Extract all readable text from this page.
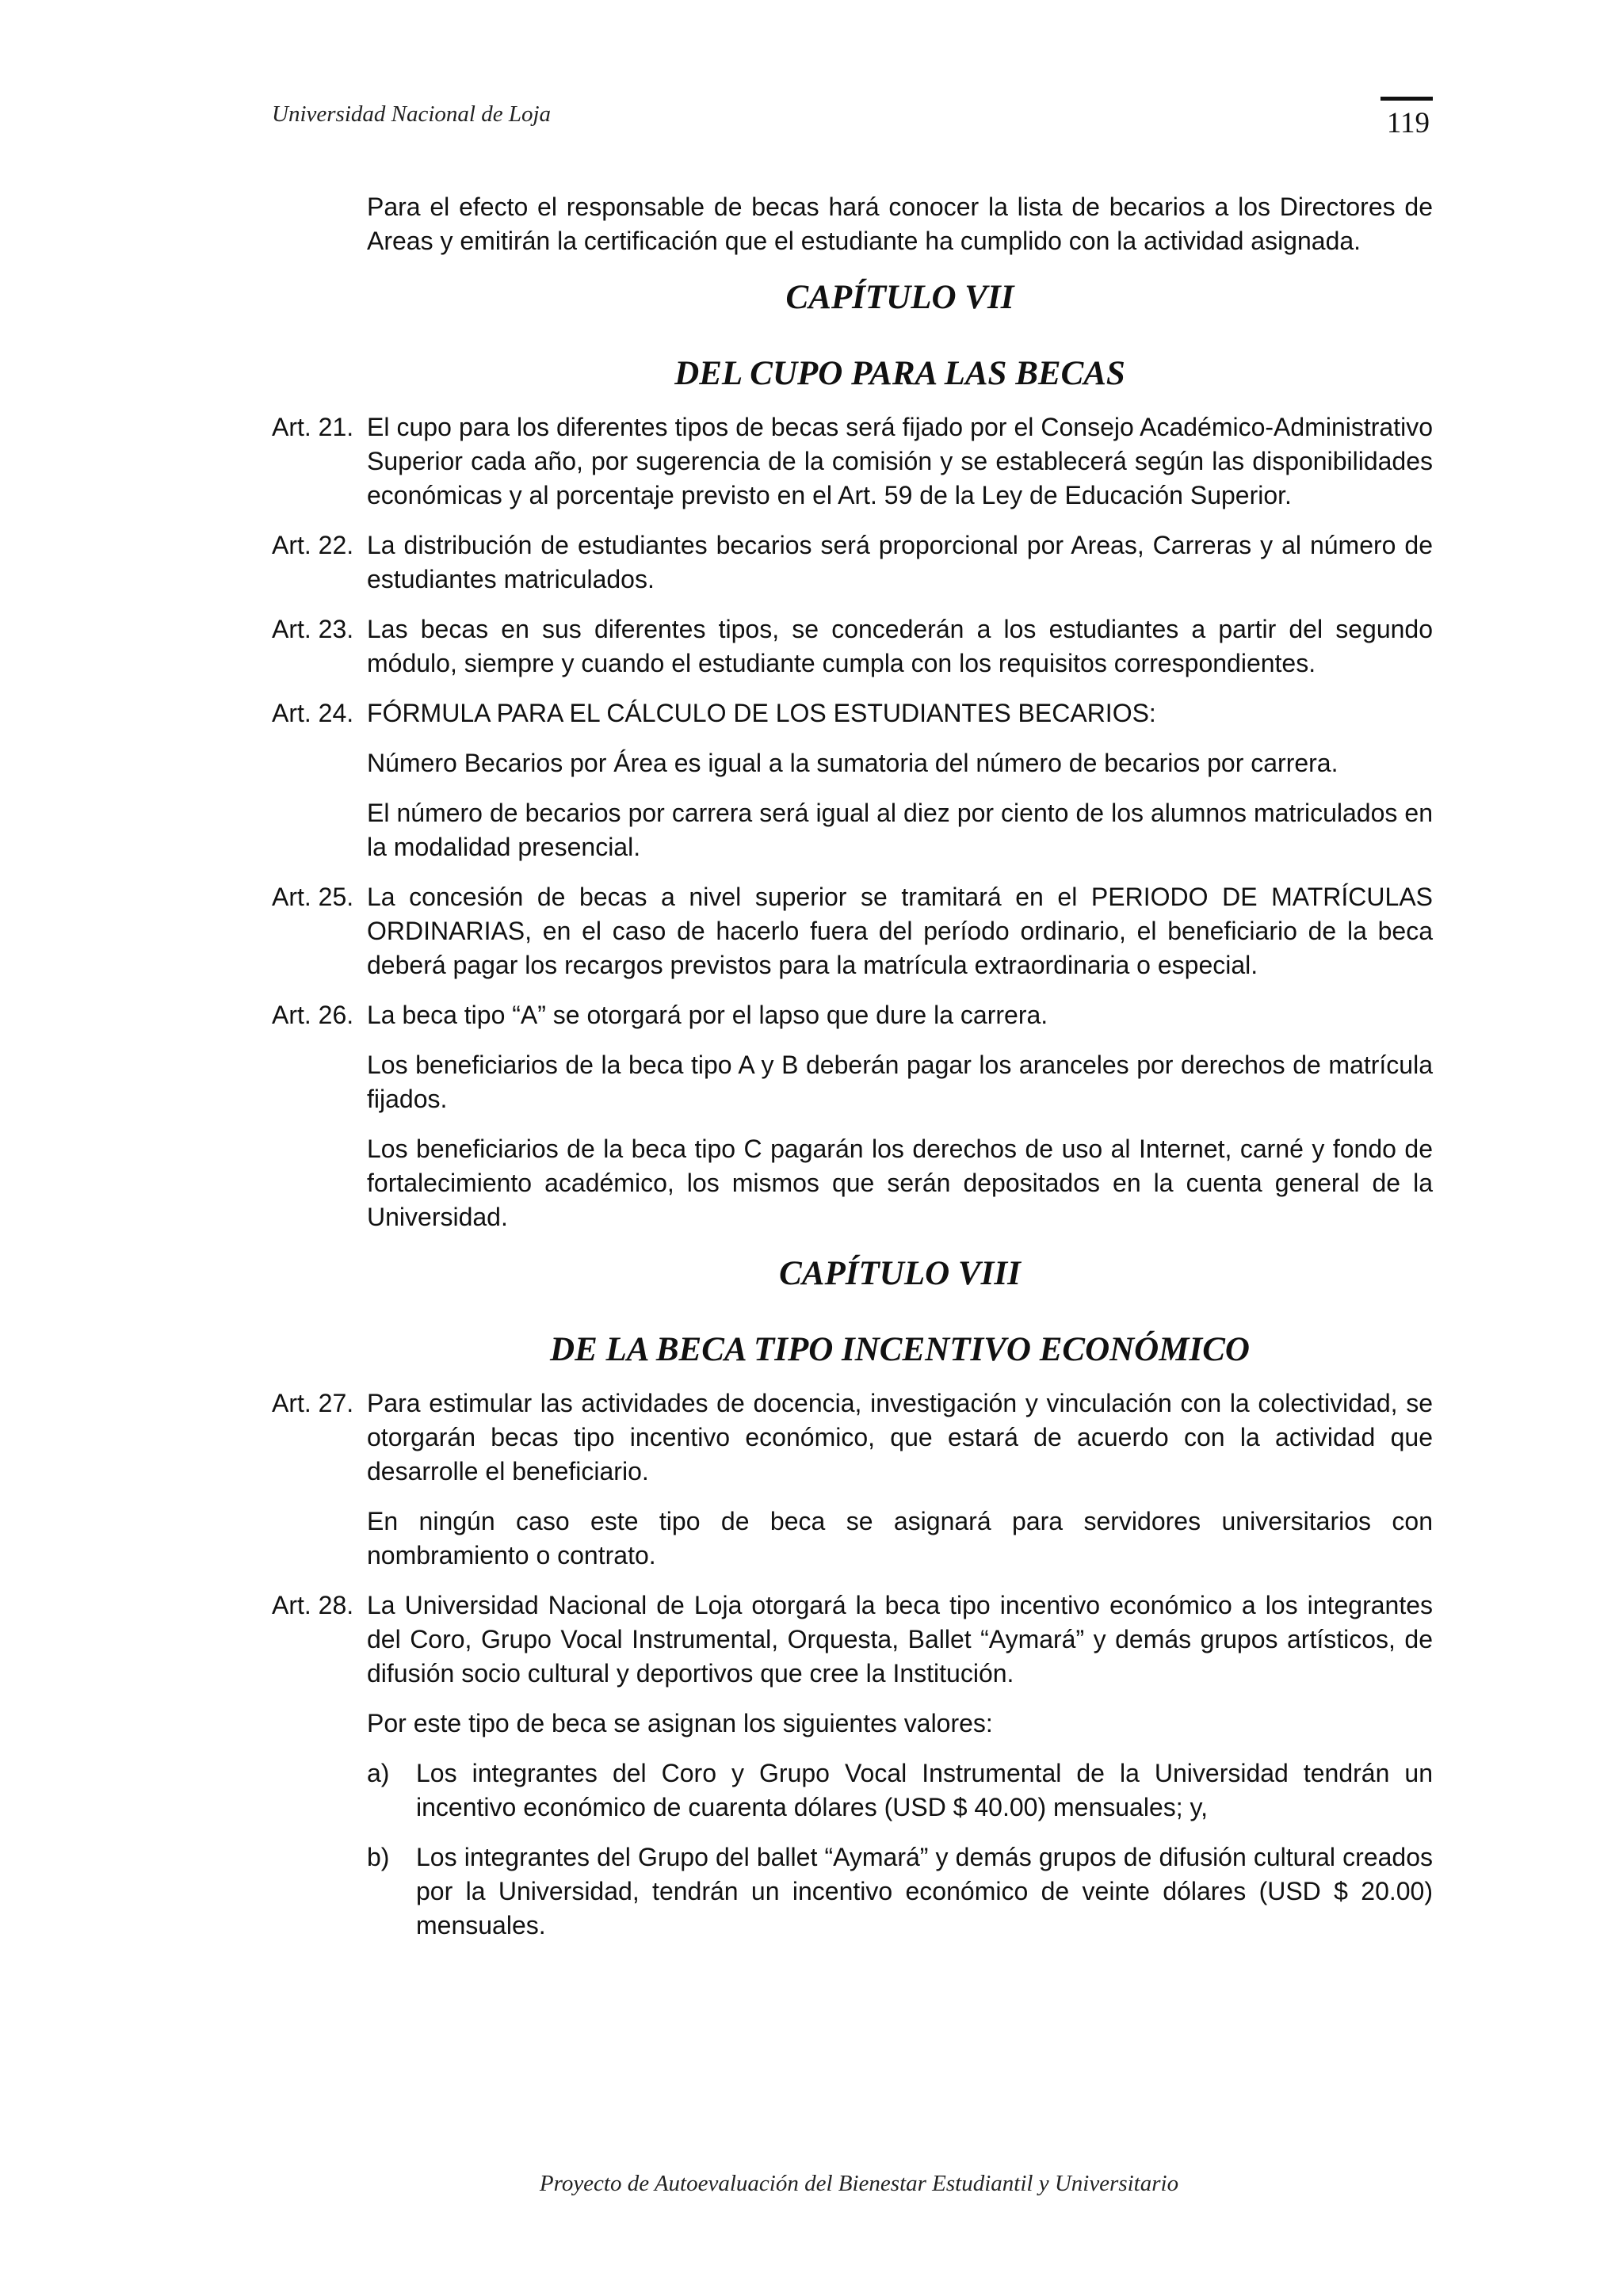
Universidad Nacional de Loja	119

Para el efecto el responsable de becas hará conocer la lista de becarios a los Directores de Areas y emitirán la certificación que el estudiante ha cumplido con la actividad asignada.

CAPÍTULO VII
DEL CUPO PARA LAS BECAS
Art. 21. El cupo para los diferentes tipos de becas será fijado por el Consejo Académico-Administrativo Superior cada año, por sugerencia de la comisión y se establecerá según las disponibilidades económicas y al porcentaje previsto en el Art. 59 de la Ley de Educación Superior.
Art. 22. La distribución de estudiantes becarios será proporcional por Areas, Carreras y al número de estudiantes matriculados.
Art. 23. Las becas en sus diferentes tipos, se concederán a los estudiantes a partir del segundo módulo, siempre y cuando el estudiante cumpla con los requisitos correspondientes.
Art. 24. FÓRMULA PARA EL CÁLCULO DE LOS ESTUDIANTES BECARIOS:

Número Becarios por Área es igual a la sumatoria del número de becarios por carrera.

El número de becarios por carrera será igual al diez por ciento de los alumnos matriculados en la modalidad presencial.

Art. 25. La concesión de becas a nivel superior se tramitará en el PERIODO DE MATRÍCULAS ORDINARIAS, en el caso de hacerlo fuera del período ordinario, el beneficiario de la beca deberá pagar los recargos previstos para la matrícula extraordinaria o especial.
Art. 26. La beca tipo “A” se otorgará por el lapso que dure la carrera.

Los beneficiarios de la beca tipo A y B deberán pagar los aranceles por derechos de matrícula fijados.

Los beneficiarios de la beca tipo C pagarán los derechos de uso al Internet, carné y fondo de fortalecimiento académico, los mismos que serán depositados en la cuenta general de la Universidad.

CAPÍTULO VIII
DE LA BECA TIPO INCENTIVO ECONÓMICO
Art. 27. Para estimular las actividades de docencia, investigación y vinculación con la colectividad, se otorgarán becas tipo incentivo económico, que estará de acuerdo con la actividad que desarrolle el beneficiario.

En ningún caso este tipo de beca se asignará para servidores universitarios con nombramiento o contrato.

Art. 28. La Universidad Nacional de Loja otorgará la beca tipo incentivo económico a los integrantes del Coro, Grupo Vocal Instrumental, Orquesta, Ballet “Aymará” y demás grupos artísticos, de difusión socio cultural y deportivos que cree la Institución.

Por este tipo de beca se asignan los siguientes valores:

a)	Los integrantes del Coro y Grupo Vocal Instrumental de la Universidad tendrán un incentivo económico de cuarenta dólares (USD $ 40.00) mensuales; y,
b)	Los integrantes del Grupo del ballet “Aymará” y demás grupos de difusión cultural creados por la Universidad, tendrán un incentivo económico de veinte dólares (USD $ 20.00) mensuales.
Proyecto de Autoevaluación del Bienestar Estudiantil y Universitario
